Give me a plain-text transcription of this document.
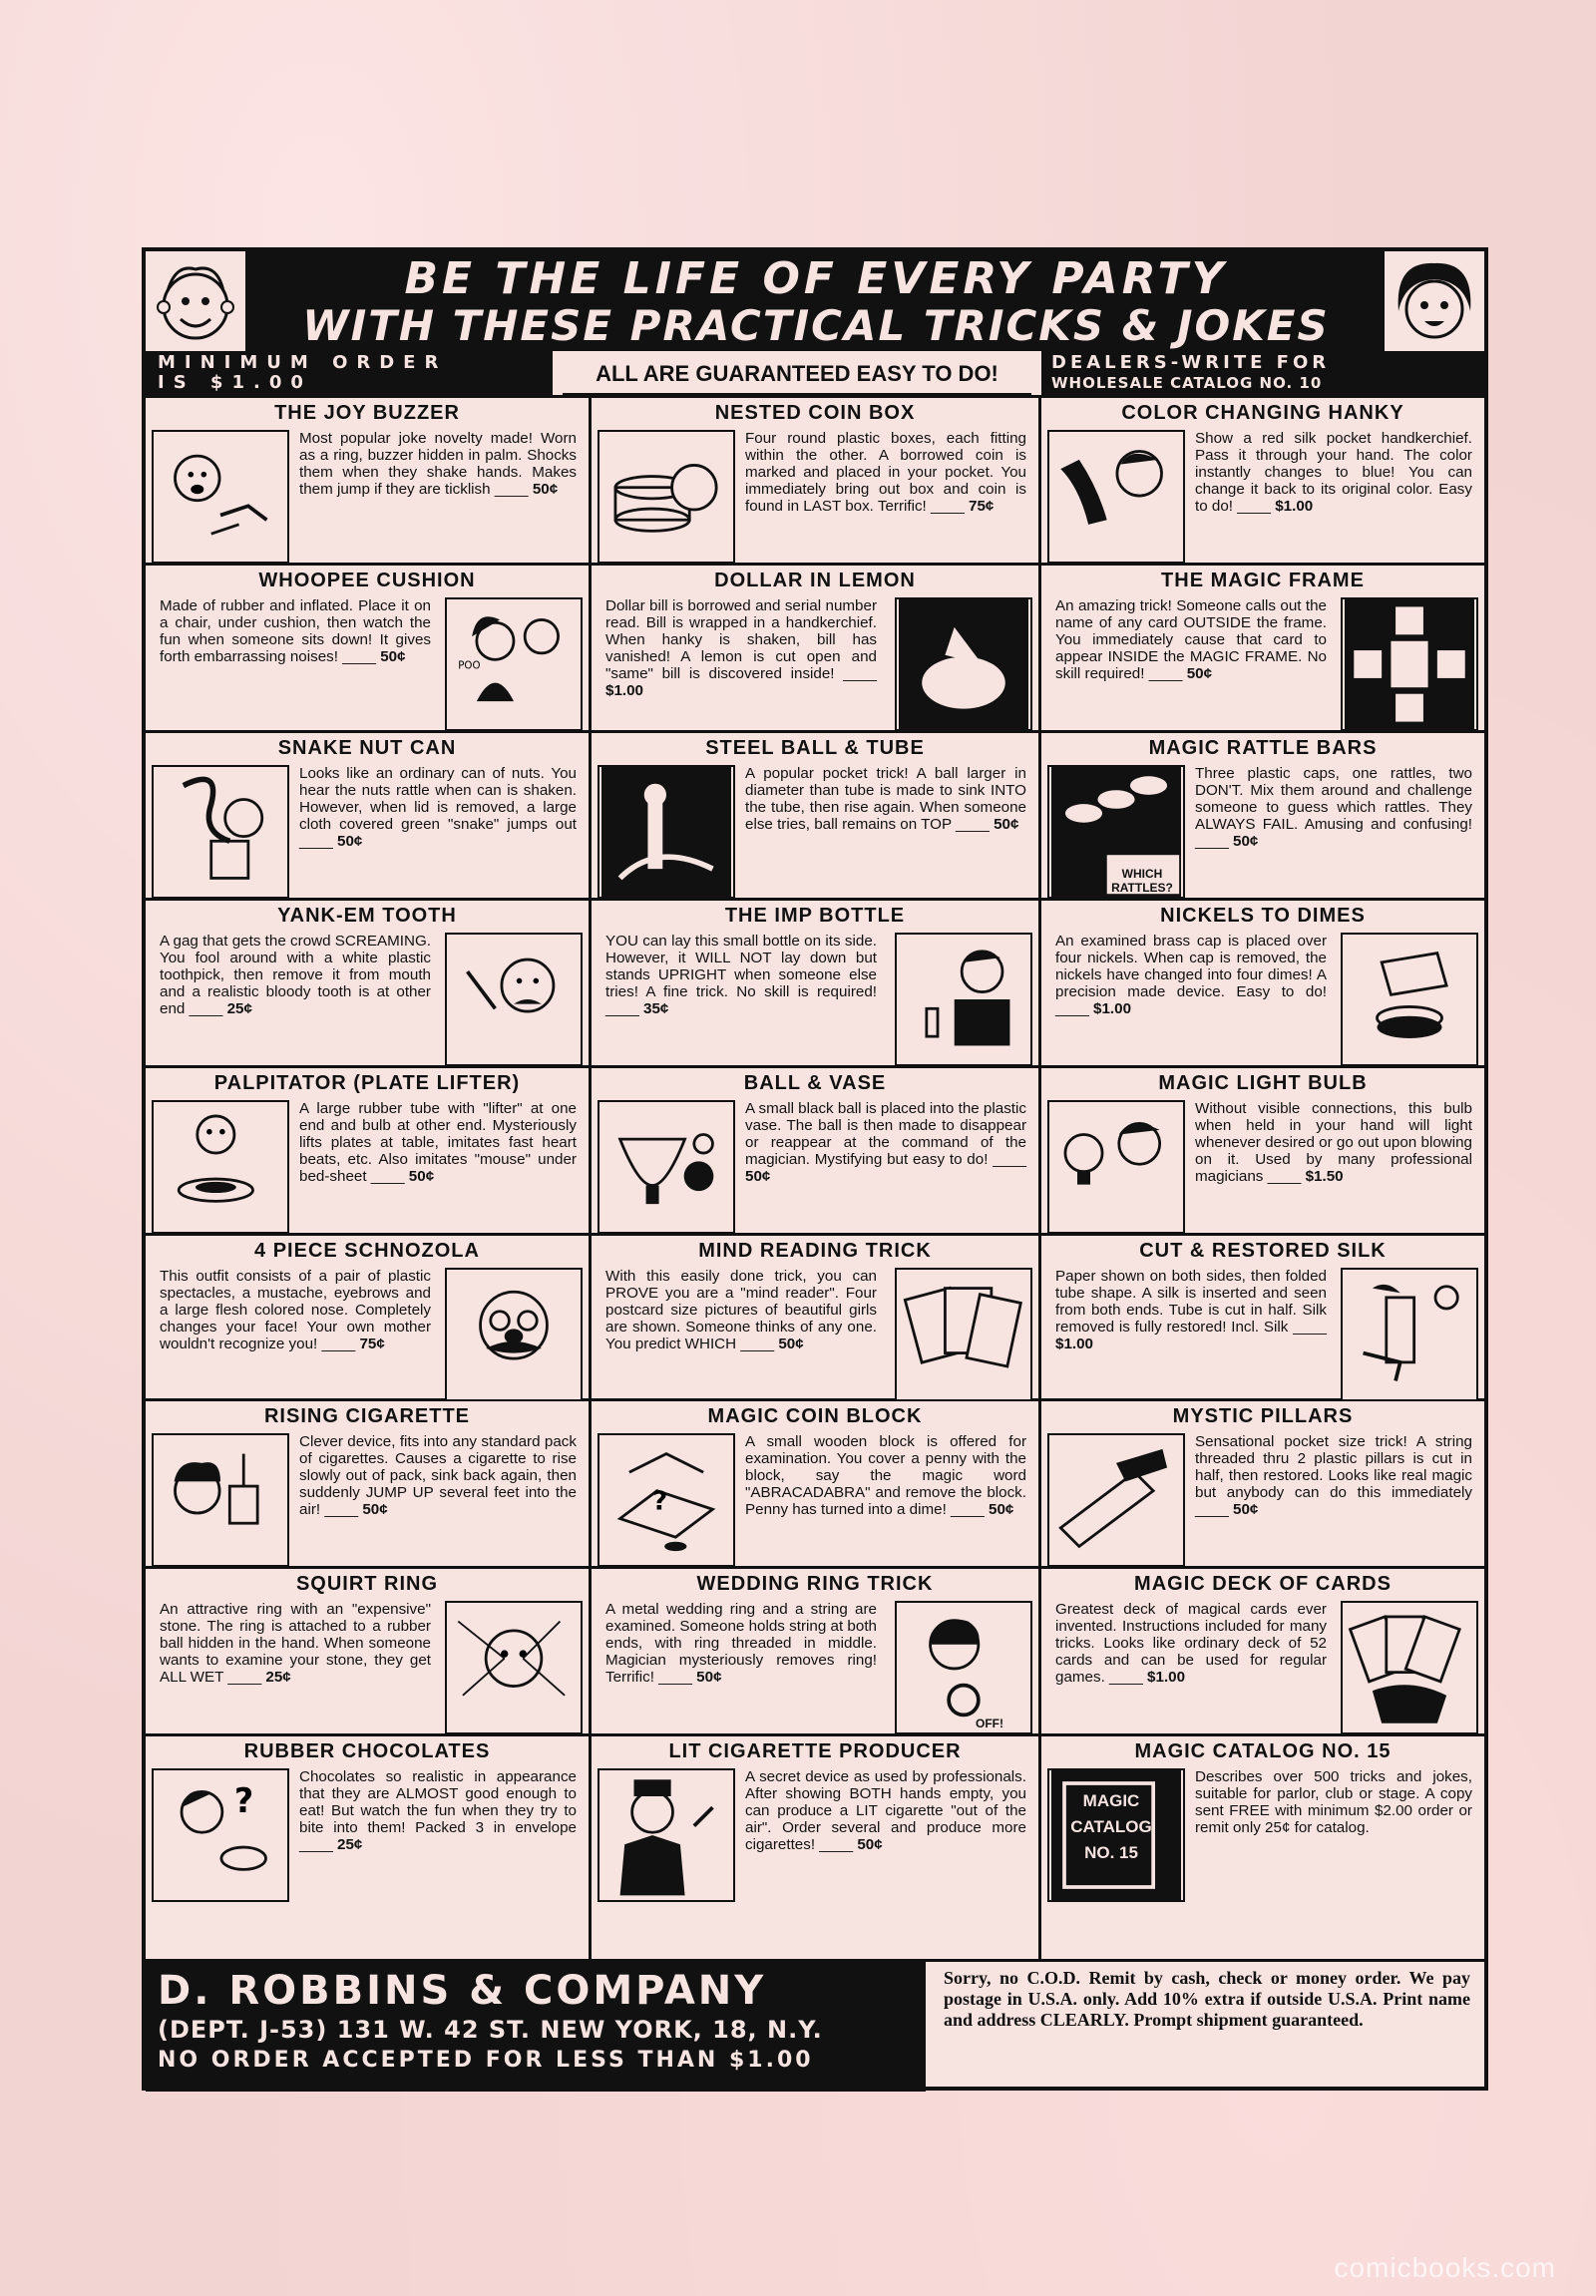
BE THE LIFE OF EVERY PARTY
WITH THESE PRACTICAL TRICKS & JOKES
MINIMUM ORDER
IS $1.00	ALL ARE GUARANTEED EASY TO DO!	DEALERS-WRITE FOR
WHOLESALE CATALOG NO. 10
THE JOY BUZZER
Most popular joke novelty made! Worn as a ring, buzzer hidden in palm. Shocks them when they shake hands. Makes them jump if they are ticklish ____ 50¢
WHOOPEE CUSHION
POO
Made of rubber and inflated. Place it on a chair, under cushion, then watch the fun when someone sits down! It gives forth embarrassing noises! ____ 50¢
SNAKE NUT CAN
Looks like an ordinary can of nuts. You hear the nuts rattle when can is shaken. However, when lid is removed, a large cloth covered green "snake" jumps out ____ 50¢
YANK-EM TOOTH
A gag that gets the crowd SCREAMING. You fool around with a white plastic toothpick, then remove it from mouth and a realistic bloody tooth is at other end ____ 25¢
PALPITATOR (PLATE LIFTER)
A large rubber tube with "lifter" at one end and bulb at other end. Mysteriously lifts plates at table, imitates fast heart beats, etc. Also imitates "mouse" under bed-sheet ____ 50¢
4 PIECE SCHNOZOLA
This outfit consists of a pair of plastic spectacles, a mustache, eyebrows and a large flesh colored nose. Completely changes your face! Your own mother wouldn't recognize you! ____ 75¢
RISING CIGARETTE
Clever device, fits into any standard pack of cigarettes. Causes a cigarette to rise slowly out of pack, sink back again, then suddenly JUMP UP several feet into the air! ____ 50¢
SQUIRT RING
An attractive ring with an "expensive" stone. The ring is attached to a rubber ball hidden in the hand. When someone wants to examine your stone, they get ALL WET ____ 25¢
RUBBER CHOCOLATES
?
Chocolates so realistic in appearance that they are ALMOST good enough to eat! But watch the fun when they try to bite into them! Packed 3 in envelope ____ 25¢
NESTED COIN BOX
Four round plastic boxes, each fitting within the other. A borrowed coin is marked and placed in your pocket. You immediately bring out box and coin is found in LAST box. Terrific! ____ 75¢
DOLLAR IN LEMON
Dollar bill is borrowed and serial number read. Bill is wrapped in a handkerchief. When hanky is shaken, bill has vanished! A lemon is cut open and "same" bill is discovered inside! ____ $1.00
STEEL BALL & TUBE
A popular pocket trick! A ball larger in diameter than tube is made to sink INTO the tube, then rise again. When someone else tries, ball remains on TOP ____ 50¢
THE IMP BOTTLE
YOU can lay this small bottle on its side. However, it WILL NOT lay down but stands UPRIGHT when someone else tries! A fine trick. No skill is required! ____ 35¢
BALL & VASE
A small black ball is placed into the plastic vase. The ball is then made to disappear or reappear at the command of the magician. Mystifying but easy to do! ____ 50¢
MIND READING TRICK
With this easily done trick, you can PROVE you are a "mind reader". Four postcard size pictures of beautiful girls are shown. Someone thinks of any one. You predict WHICH ____ 50¢
MAGIC COIN BLOCK
?
A small wooden block is offered for examination. You cover a penny with the block, say the magic word "ABRACADABRA" and remove the block. Penny has turned into a dime! ____ 50¢
WEDDING RING TRICK
OFF!
A metal wedding ring and a string are examined. Someone holds string at both ends, with ring threaded in middle. Magician mysteriously removes ring! Terrific! ____ 50¢
LIT CIGARETTE PRODUCER
A secret device as used by professionals. After showing BOTH hands empty, you can produce a LIT cigarette "out of the air". Order several and produce more cigarettes! ____ 50¢
COLOR CHANGING HANKY
Show a red silk pocket handkerchief. Pass it through your hand. The color instantly changes to blue! You can change it back to its original color. Easy to do! ____ $1.00
THE MAGIC FRAME
An amazing trick! Someone calls out the name of any card OUTSIDE the frame. You immediately cause that card to appear INSIDE the MAGIC FRAME. No skill required! ____ 50¢
MAGIC RATTLE BARS
WHICH RATTLES?
Three plastic caps, one rattles, two DON'T. Mix them around and challenge someone to guess which rattles. They ALWAYS FAIL. Amusing and confusing! ____ 50¢
NICKELS TO DIMES
An examined brass cap is placed over four nickels. When cap is removed, the nickels have changed into four dimes! A precision made device. Easy to do! ____ $1.00
MAGIC LIGHT BULB
Without visible connections, this bulb when held in your hand will light whenever desired or go out upon blowing on it. Used by many professional magicians ____ $1.50
CUT & RESTORED SILK
Paper shown on both sides, then folded tube shape. A silk is inserted and seen from both ends. Tube is cut in half. Silk removed is fully restored! Incl. Silk ____ $1.00
MYSTIC PILLARS
Sensational pocket size trick! A string threaded thru 2 plastic pillars is cut in half, then restored. Looks like real magic but anybody can do this immediately ____ 50¢
MAGIC DECK OF CARDS
Greatest deck of magical cards ever invented. Instructions included for many tricks. Looks like ordinary deck of 52 cards and can be used for regular games. ____ $1.00
MAGIC CATALOG NO. 15
MAGIC CATALOG NO. 15
Describes over 500 tricks and jokes, suitable for parlor, club or stage. A copy sent FREE with minimum $2.00 order or remit only 25¢ for catalog.
D. ROBBINS & COMPANY
(DEPT. J-53) 131 W. 42 ST. NEW YORK, 18, N.Y.
NO ORDER ACCEPTED FOR LESS THAN $1.00
Sorry, no C.O.D. Remit by cash, check or money order. We pay postage in U.S.A. only. Add 10% extra if outside U.S.A. Print name and address CLEARLY. Prompt shipment guaranteed.
comicbooks.com
